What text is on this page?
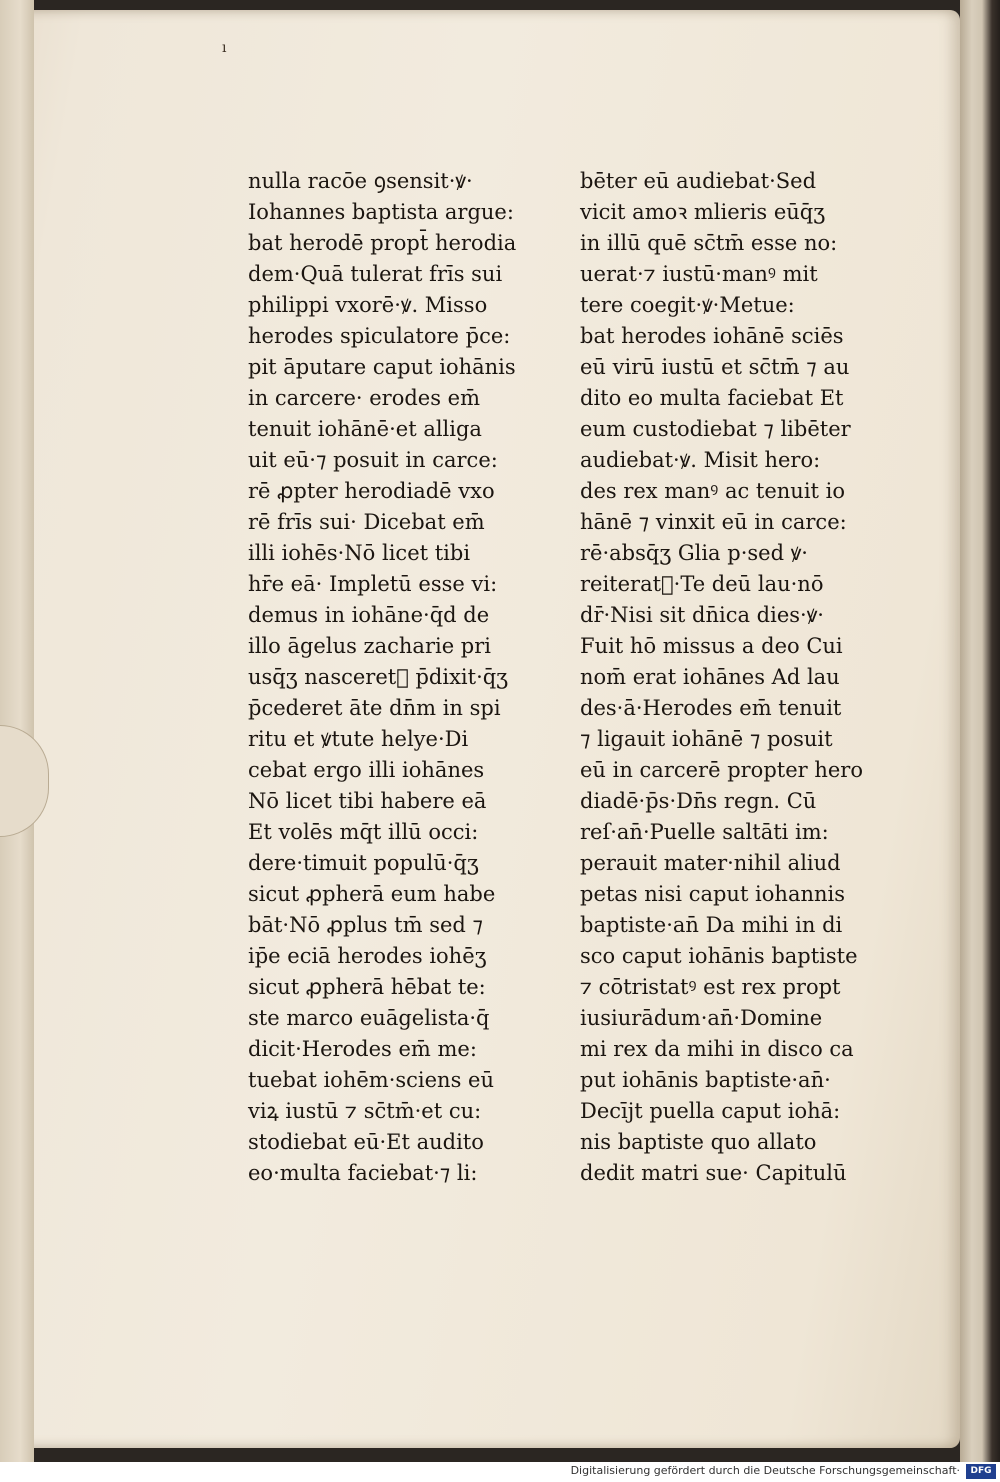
ı
nulla racōe ꝯsensit·ꝟ·
Iohannes baptista argue:
bat herodē propt̄ herodia
dem·Quā tulerat frīs sui
philippi vxorē·ꝟ. Misso
herodes spiculatore p̄ce:
pit āputare caput iohānis
in carcere· erodes em̄
tenuit iohānē·et alliga
uit eū·⁊ posuit in carce:
rē ꝓpter herodiadē vxo
rē frīs sui· Dicebat em̄
illi iohēs·Nō licet tibi
hr̄e eā· Impletū esse vi:
demus in iohāne·q̄d de
illo āgelus zacharie pri
usq̄ʒ nasceret᷑ p̄dixit·q̄ʒ
p̄cederet āte dn̄m in spi
ritu et ꝟtute helye·Di
cebat ergo illi iohānes
Nō licet tibi habere eā
Et volēs mq̄t illū occi:
dere·timuit populū·q̄ʒ
sicut ꝓpherā eum habe
bāt·Nō ꝓplus tm̄ sed ⁊
ip̄e eciā herodes iohēʒ
sicut ꝓpherā hēbat te:
ste marco euāgelista·q̄
dicit·Herodes em̄ me:
tuebat iohēm·sciens eū
viꝝ iustū ⁊ sc̄tm̄·et cu:
stodiebat eū·Et audito
eo·multa faciebat·⁊ li:
bēter eū audiebat·Sed
vicit amoꝛ mlieris eūq̄ʒ
in illū quē sc̄tm̄ esse no:
uerat·⁊ iustū·manꝰ mit
tere coegit·ꝟ·Metue:
bat herodes iohānē sciēs
eū virū iustū et sc̄tm̄ ⁊ au
dito eo multa faciebat Et
eum custodiebat ⁊ libēter
audiebat·ꝟ. Misit hero:
des rex manꝰ ac tenuit io
hānē ⁊ vinxit eū in carce:
rē·absq̄ʒ Glia p·sed ꝟ·
reiteratᷣ·Te deū lau·nō
dr̄·Nisi sit dn̄ica dies·ꝟ·
Fuit hō missus a deo Cui
nom̄ erat iohānes Ad lau
des·ā·Herodes em̄ tenuit
⁊ ligauit iohānē ⁊ posuit
eū in carcerē propter hero
diadē·p̄s·Dn̄s regn. Cū
reſ·an̄·Puelle saltāti im:
perauit mater·nihil aliud
petas nisi caput iohannis
baptiste·an̄ Da mihi in di
sco caput iohānis baptiste
⁊ cōtristatꝰ est rex propt
iusiurādum·an̄·Domine
mi rex da mihi in disco ca
put iohānis baptiste·an̄·
Decījt puella caput iohā:
nis baptiste quo allato
dedit matri sue· Capitulū
Digitalisierung gefördert durch die Deutsche Forschungsgemeinschaft·	DFG
